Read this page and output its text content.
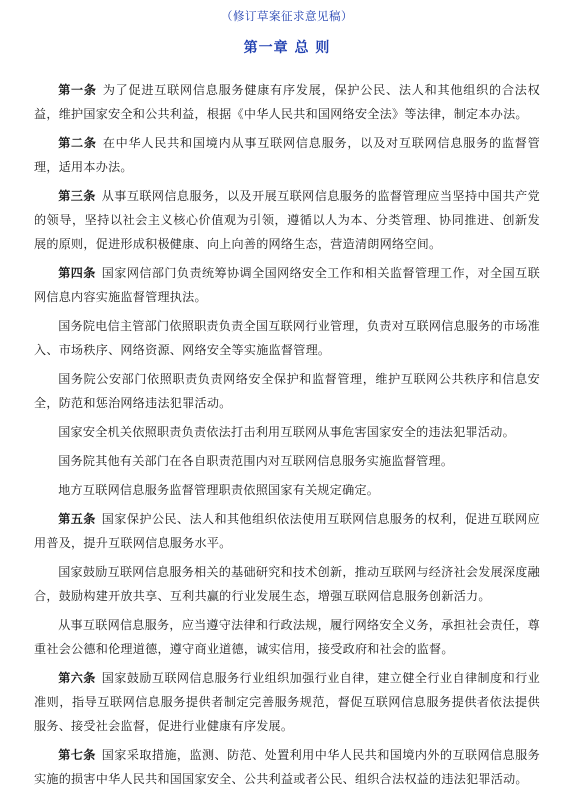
（修订草案征求意见稿）
第一章 总 则
第一条 为了促进互联网信息服务健康有序发展，保护公民、法人和其他组织的合法权益，维护国家安全和公共利益，根据《中华人民共和国网络安全法》等法律，制定本办法。
第二条 在中华人民共和国境内从事互联网信息服务，以及对互联网信息服务的监督管理，适用本办法。
第三条 从事互联网信息服务，以及开展互联网信息服务的监督管理应当坚持中国共产党的领导，坚持以社会主义核心价值观为引领，遵循以人为本、分类管理、协同推进、创新发展的原则，促进形成积极健康、向上向善的网络生态，营造清朗网络空间。
第四条 国家网信部门负责统筹协调全国网络安全工作和相关监督管理工作，对全国互联网信息内容实施监督管理执法。
国务院电信主管部门依照职责负责全国互联网行业管理，负责对互联网信息服务的市场准入、市场秩序、网络资源、网络安全等实施监督管理。
国务院公安部门依照职责负责网络安全保护和监督管理，维护互联网公共秩序和信息安全，防范和惩治网络违法犯罪活动。
国家安全机关依照职责负责依法打击利用互联网从事危害国家安全的违法犯罪活动。
国务院其他有关部门在各自职责范围内对互联网信息服务实施监督管理。
地方互联网信息服务监督管理职责依照国家有关规定确定。
第五条 国家保护公民、法人和其他组织依法使用互联网信息服务的权利，促进互联网应用普及，提升互联网信息服务水平。
国家鼓励互联网信息服务相关的基础研究和技术创新，推动互联网与经济社会发展深度融合，鼓励构建开放共享、互利共赢的行业发展生态，增强互联网信息服务创新活力。
从事互联网信息服务，应当遵守法律和行政法规，履行网络安全义务，承担社会责任，尊重社会公德和伦理道德，遵守商业道德，诚实信用，接受政府和社会的监督。
第六条 国家鼓励互联网信息服务行业组织加强行业自律，建立健全行业自律制度和行业准则，指导互联网信息服务提供者制定完善服务规范，督促互联网信息服务提供者依法提供服务、接受社会监督，促进行业健康有序发展。
第七条 国家采取措施，监测、防范、处置利用中华人民共和国境内外的互联网信息服务实施的损害中华人民共和国国家安全、公共利益或者公民、组织合法权益的违法犯罪活动。
